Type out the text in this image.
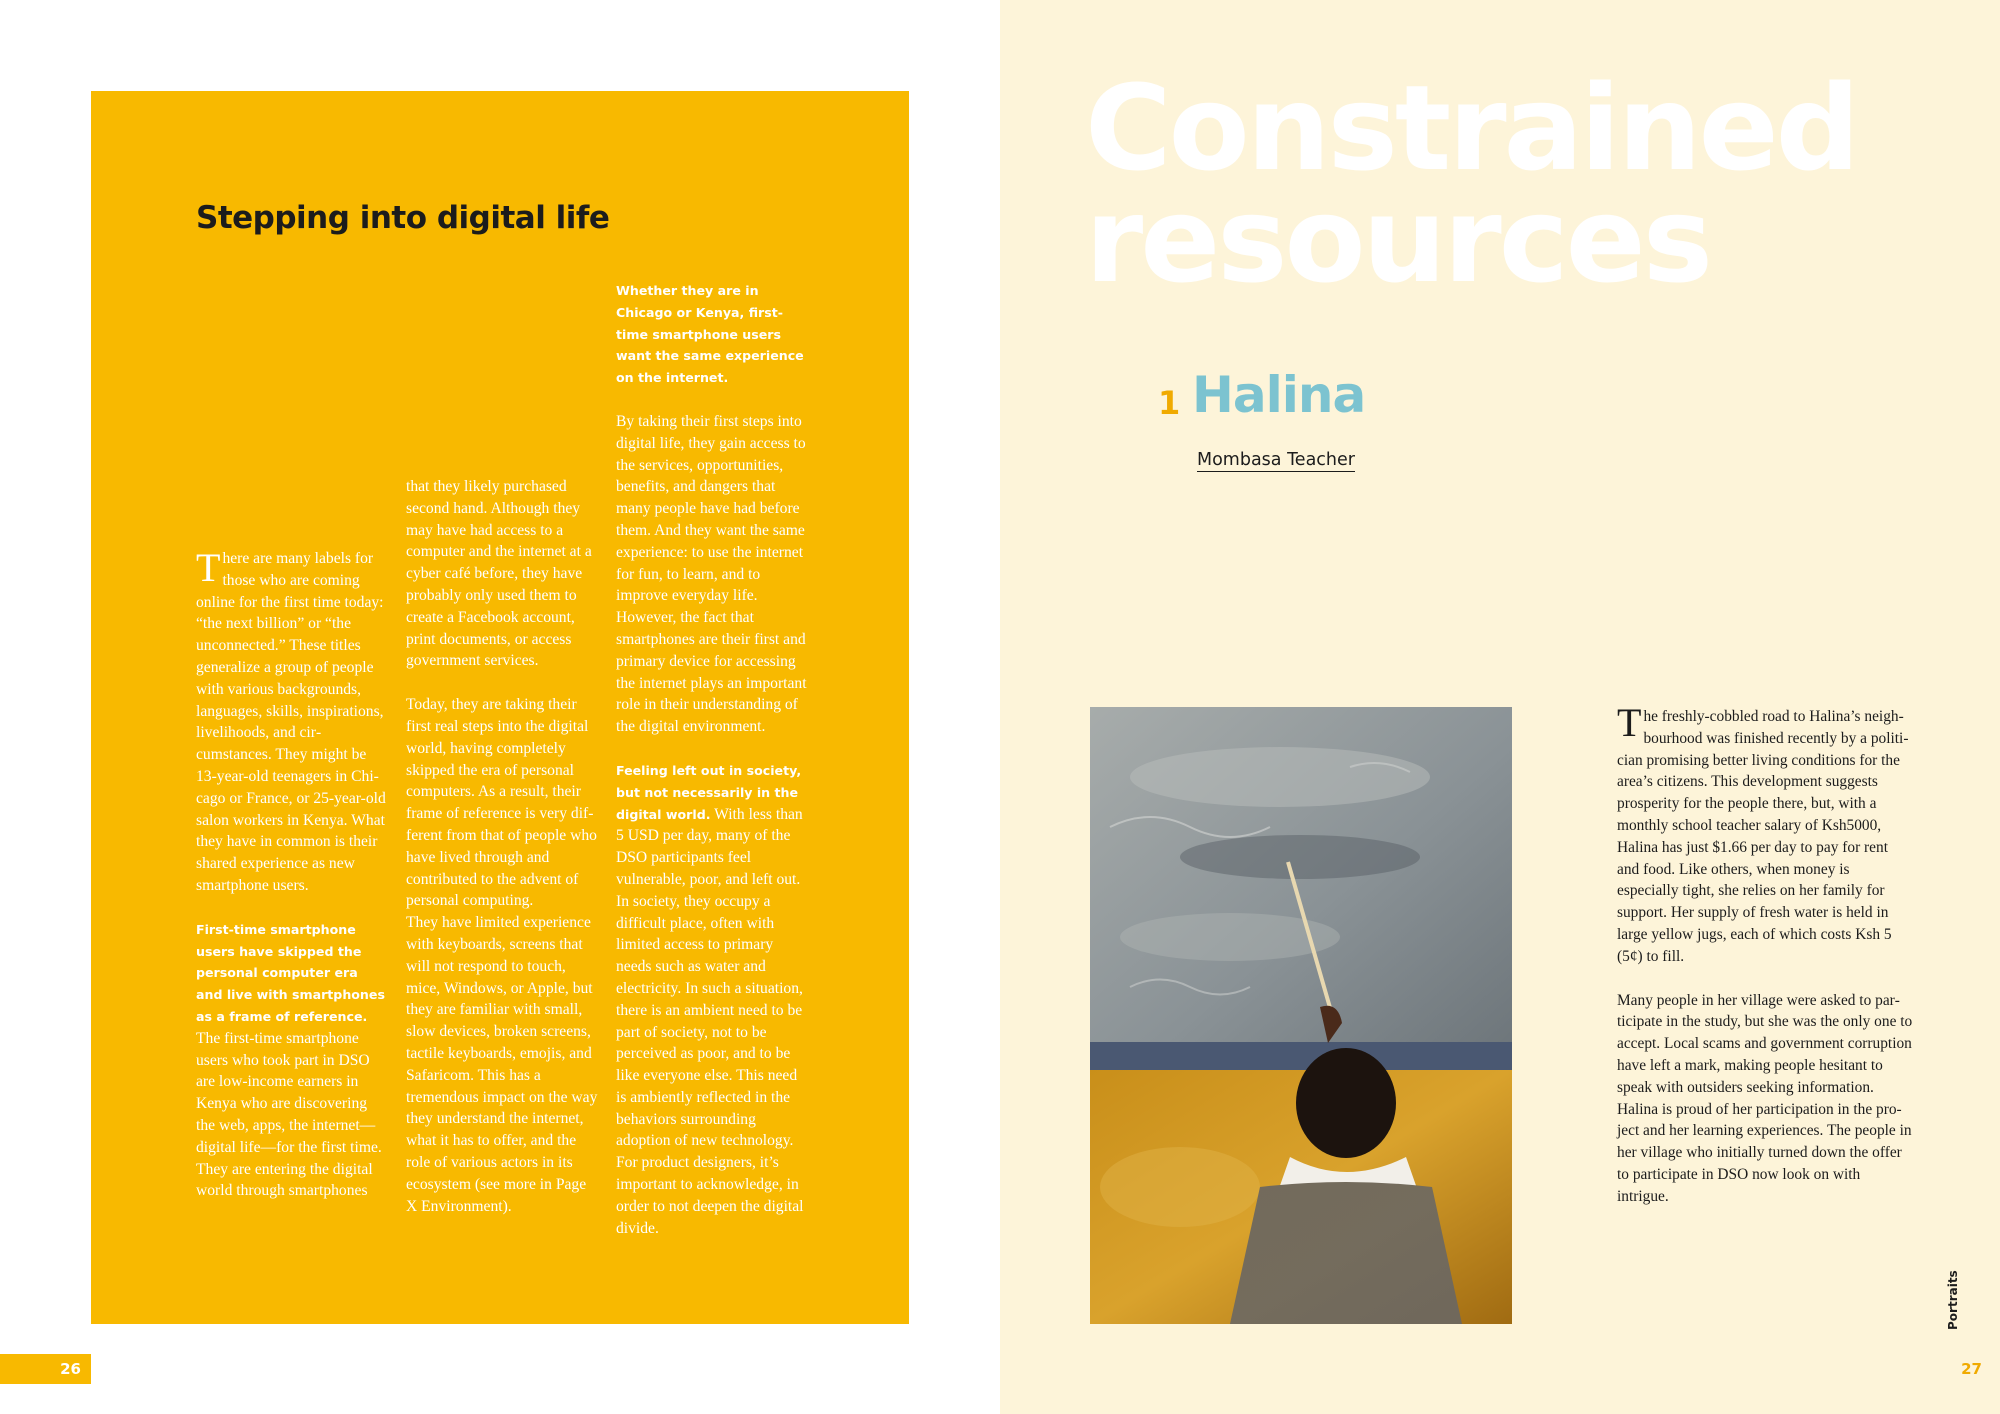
Stepping into digital life

There are many labels for those who are coming online for the first time today: “the next billion” or “the unconnected.” These titles generalize a group of people with various backgrounds, languages, skills, inspirations, livelihoods, and circumstances. They might be 13-year-old teenagers in Chicago or France, or 25-year-old salon workers in Kenya. What they have in common is their shared experience as new smartphone users.

First-time smartphone users have skipped the personal computer era and live with smartphones as a frame of reference. The first-time smartphone users who took part in DSO are low-income earners in Kenya who are discovering the web, apps, the internet—digital life—for the first time. They are entering the digital world through smartphones

that they likely purchased second hand. Although they may have had access to a computer and the internet at a cyber café before, they have probably only used them to create a Facebook account, print documents, or access government services.

Today, they are taking their first real steps into the digital world, having completely skipped the era of personal computers. As a result, their frame of reference is very different from that of people who have lived through and contributed to the advent of personal computing.

They have limited experience with keyboards, screens that will not respond to touch, mice, Windows, or Apple, but they are familiar with small, slow devices, broken screens, tactile keyboards, emojis, and Safaricom. This has a tremendous impact on the way they understand the internet, what it has to offer, and the role of various actors in its ecosystem (see more in Page X Environment).

Whether they are in Chicago or Kenya, first-time smartphone users want the same experience on the internet.

By taking their first steps into digital life, they gain access to the services, opportunities, benefits, and dangers that many people have had before them. And they want the same experience: to use the internet for fun, to learn, and to improve everyday life. However, the fact that smartphones are their first and primary device for accessing the internet plays an important role in their understanding of the digital environment.

Feeling left out in society, but not necessarily in the digital world. With less than 5 USD per day, many of the DSO participants feel vulnerable, poor, and left out. In society, they occupy a difficult place, often with limited access to primary needs such as water and electricity. In such a situation, there is an ambient need to be part of society, not to be perceived as poor, and to be like everyone else. This need is ambiently reflected in the behaviors surrounding adoption of new technology. For product designers, it’s important to acknowledge, in order to not deepen the digital divide.

26
Constrained
resources
1 Halina
Mombasa Teacher

The freshly-cobbled road to Halina’s neighbourhood was finished recently by a politician promising better living conditions for the area’s citizens. This development suggests prosperity for the people there, but, with a monthly school teacher salary of Ksh5000, Halina has just $1.66 per day to pay for rent and food. Like others, when money is especially tight, she relies on her family for support. Her supply of fresh water is held in large yellow jugs, each of which costs Ksh 5 (5¢) to fill.

Many people in her village were asked to participate in the study, but she was the only one to accept. Local scams and government corruption have left a mark, making people hesitant to speak with outsiders seeking information. Halina is proud of her participation in the project and her learning experiences. The people in her village who initially turned down the offer to participate in DSO now look on with intrigue.

Portraits
27
